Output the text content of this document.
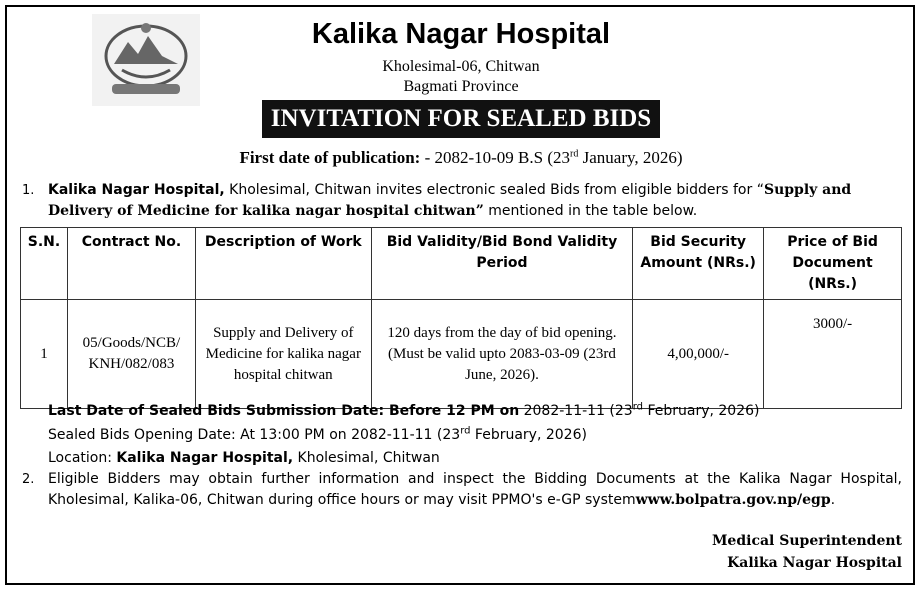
Kalika Nagar Hospital
Kholesimal-06, Chitwan
Bagmati Province
INVITATION FOR SEALED BIDS
First date of publication: - 2082-10-09 B.S (23rd January, 2026)
1. Kalika Nagar Hospital, Kholesimal, Chitwan invites electronic sealed Bids from eligible bidders for “Supply and Delivery of Medicine for kalika nagar hospital chitwan” mentioned in the table below.
S.N.	Contract No.	Description of Work	Bid Validity/Bid Bond Validity Period	Bid Security Amount (NRs.)	Price of Bid Document (NRs.)
1	05/Goods/NCB/ KNH/082/083	Supply and Delivery of Medicine for kalika nagar hospital chitwan	120 days from the day of bid opening. (Must be valid upto 2083-03-09 (23rd June, 2026).	4,00,000/-	3000/-
Last Date of Sealed Bids Submission Date: Before 12 PM on 2082-11-11 (23rd February, 2026)
Sealed Bids Opening Date: At 13:00 PM on 2082-11-11 (23rd February, 2026)
Location: Kalika Nagar Hospital, Kholesimal, Chitwan
2. Eligible Bidders may obtain further information and inspect the Bidding Documents at the Kalika Nagar Hospital, Kholesimal, Kalika-06, Chitwan during office hours or may visit PPMO's e-GP systemwww.bolpatra.gov.np/egp.
Medical Superintendent
Kalika Nagar Hospital
